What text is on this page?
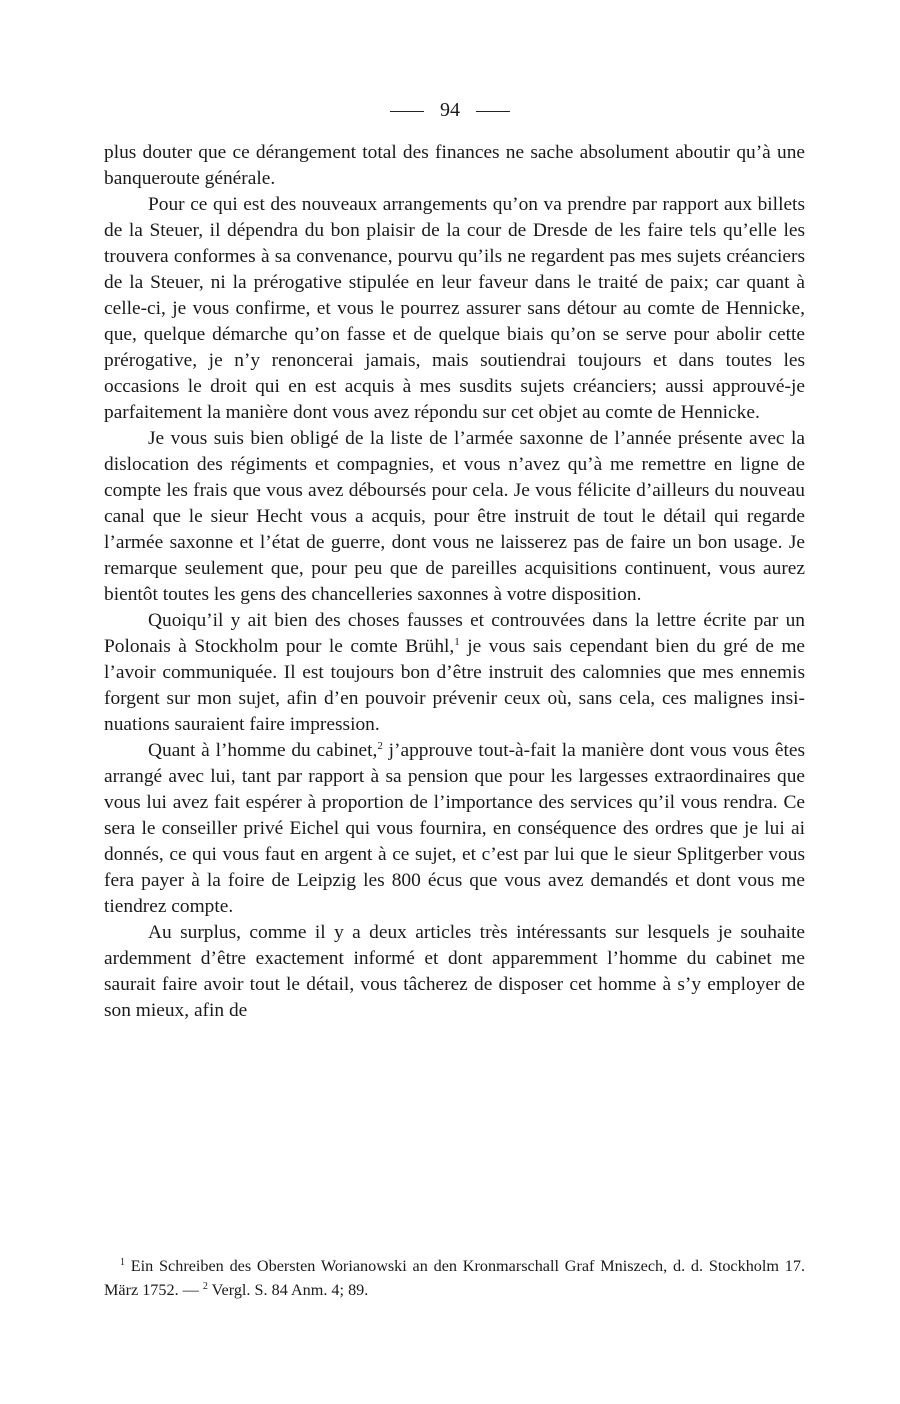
94

plus douter que ce dérangement total des finances ne sache absolument aboutir qu’à une banqueroute générale.

Pour ce qui est des nouveaux arrangements qu’on va prendre par rapport aux billets de la Steuer, il dépendra du bon plaisir de la cour de Dresde de les faire tels qu’elle les trouvera conformes à sa convenance, pourvu qu’ils ne regardent pas mes sujets créanciers de la Steuer, ni la prérogative stipulée en leur faveur dans le traité de paix; car quant à celle-ci, je vous confirme, et vous le pourrez assurer sans détour au comte de Hennicke, que, quelque démarche qu’on fasse et de quelque biais qu’on se serve pour abolir cette prérogative, je n’y renoncerai jamais, mais soutiendrai toujours et dans toutes les occasions le droit qui en est acquis à mes susdits sujets créanciers; aussi approuvé-je parfaitement la manière dont vous avez répondu sur cet objet au comte de Hennicke.

Je vous suis bien obligé de la liste de l’armée saxonne de l’année présente avec la dislocation des régiments et compagnies, et vous n’avez qu’à me remettre en ligne de compte les frais que vous avez déboursés pour cela. Je vous félicite d’ailleurs du nouveau canal que le sieur Hecht vous a acquis, pour être instruit de tout le détail qui regarde l’armée saxonne et l’état de guerre, dont vous ne laisserez pas de faire un bon usage. Je remarque seulement que, pour peu que de pareilles acquisitions continuent, vous aurez bientôt toutes les gens des chancelleries saxonnes à votre disposition.

Quoiqu’il y ait bien des choses fausses et controuvées dans la lettre écrite par un Polonais à Stockholm pour le comte Brühl,$^1$ je vous sais cependant bien du gré de me l’avoir communiquée. Il est toujours bon d’être instruit des calomnies que mes ennemis forgent sur mon sujet, afin d’en pouvoir prévenir ceux où, sans cela, ces malignes insinuations sauraient faire impression.

Quant à l’homme du cabinet,$^2$ j’approuve tout-à-fait la manière dont vous vous êtes arrangé avec lui, tant par rapport à sa pension que pour les largesses extraordinaires que vous lui avez fait espérer à proportion de l’importance des services qu’il vous rendra. Ce sera le conseiller privé Eichel qui vous fournira, en conséquence des ordres que je lui ai donnés, ce qui vous faut en argent à ce sujet, et c’est par lui que le sieur Splitgerber vous fera payer à la foire de Leipzig les 800 écus que vous avez demandés et dont vous me tiendrez compte.

Au surplus, comme il y a deux articles très intéressants sur lesquels je souhaite ardemment d’être exactement informé et dont apparemment l’homme du cabinet me saurait faire avoir tout le détail, vous tâcherez de disposer cet homme à s’y employer de son mieux, afin de

$^1$ Ein Schreiben des Obersten Worianowski an den Kronmarschall Graf Mniszech, d. d. Stockholm 17. März 1752. — $^2$ Vergl. S. 84 Anm. 4; 89.
